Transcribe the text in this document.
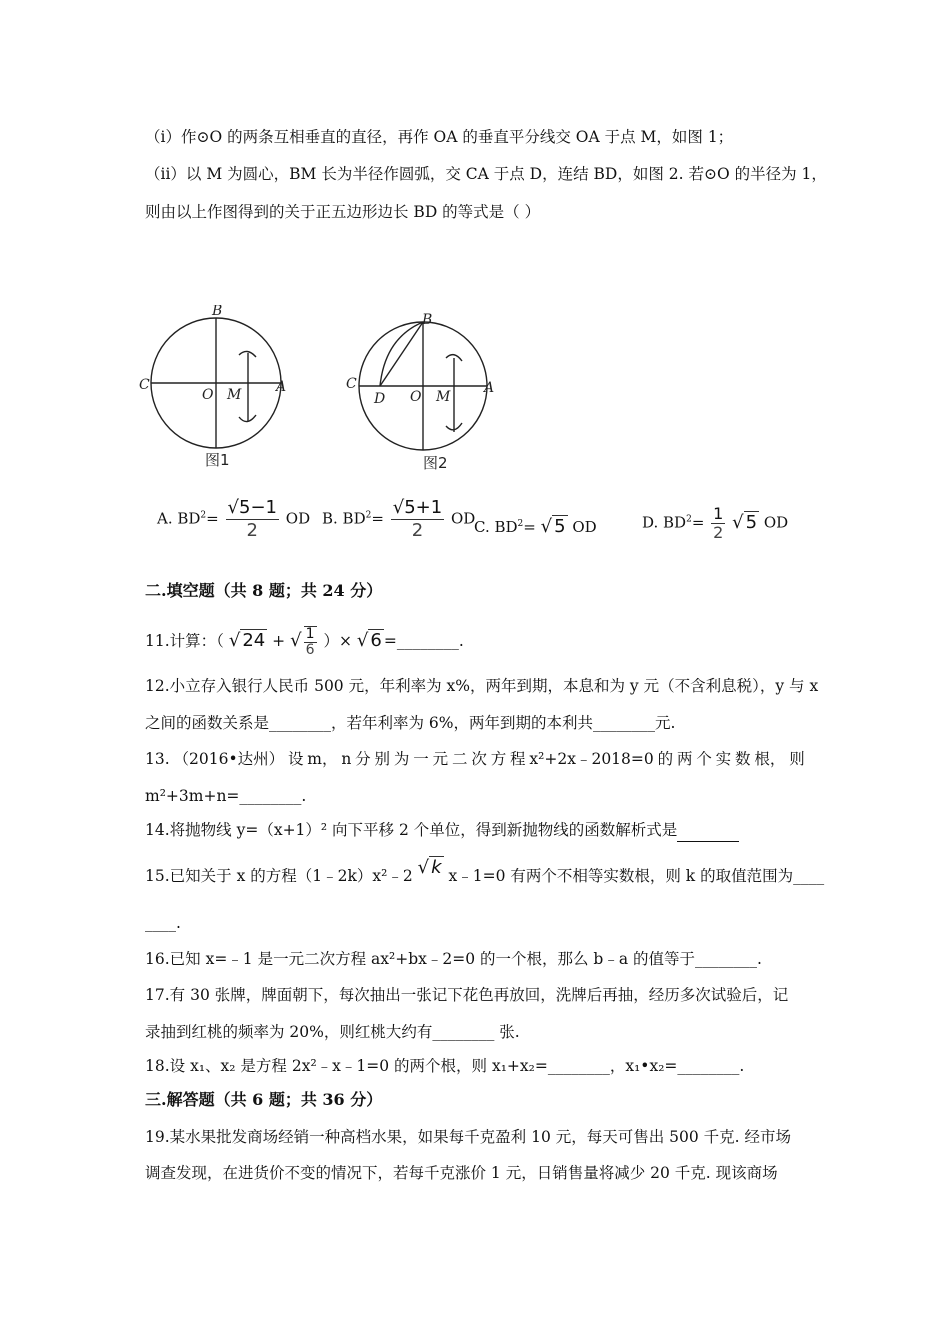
（i）作⊙O 的两条互相垂直的直径，再作 OA 的垂直平分线交 OA 于点 M，如图 1；
（ii）以 M 为圆心，BM 长为半径作圆弧，交 CA 于点 D，连结 BD，如图 2. 若⊙O 的半径为 1，
则由以上作图得到的关于正五边形边长 BD 的等式是（ ）
B
C
O M A
图1
B
C
D O M
A
图2
A. $BD^2= \frac{√5-1}{2}$ OD B. $BD^2= \frac{√5+1}{2}$ OD
C. $BD^2=$ √ 5 OD	D. $BD^2= \frac{1}{2}$ √ 5 OD
二.填空题（共 8 题；共 24 分）
11.计算：（ √ 24 + √ $\frac{1}{6}$ ）× √ 6 =________.
12.小立存入银行人民币 500 元，年利率为 x%，两年到期，本息和为 y 元（不含利息税），y 与 x
之间的函数关系是________，若年利率为 6%，两年到期的本利共________元.
13. （2016•达州） 设 m， n 分 别 为 一 元 二 次 方 程 x²+2x﹣2018=0 的 两 个 实 数 根， 则
m²+3m+n=________.
14.将抛物线 y=（x+1）² 向下平移 2 个单位，得到新抛物线的函数解析式是
15.已知关于 x 的方程（1﹣2k）x²﹣2 √ k x﹣1=0 有两个不相等实数根，则 k 的取值范围为____
____.
16.已知 x=﹣1 是一元二次方程 ax²+bx﹣2=0 的一个根，那么 b﹣a 的值等于________.
17.有 30 张牌，牌面朝下，每次抽出一张记下花色再放回，洗牌后再抽，经历多次试验后，记
录抽到红桃的频率为 20%，则红桃大约有________ 张.
18.设 x₁、x₂ 是方程 2x²﹣x﹣1=0 的两个根，则 x₁+x₂=________，x₁•x₂=________.
三.解答题（共 6 题；共 36 分）
19.某水果批发商场经销一种高档水果，如果每千克盈利 10 元，每天可售出 500 千克. 经市场
调查发现，在进货价不变的情况下，若每千克涨价 1 元，日销售量将减少 20 千克. 现该商场
